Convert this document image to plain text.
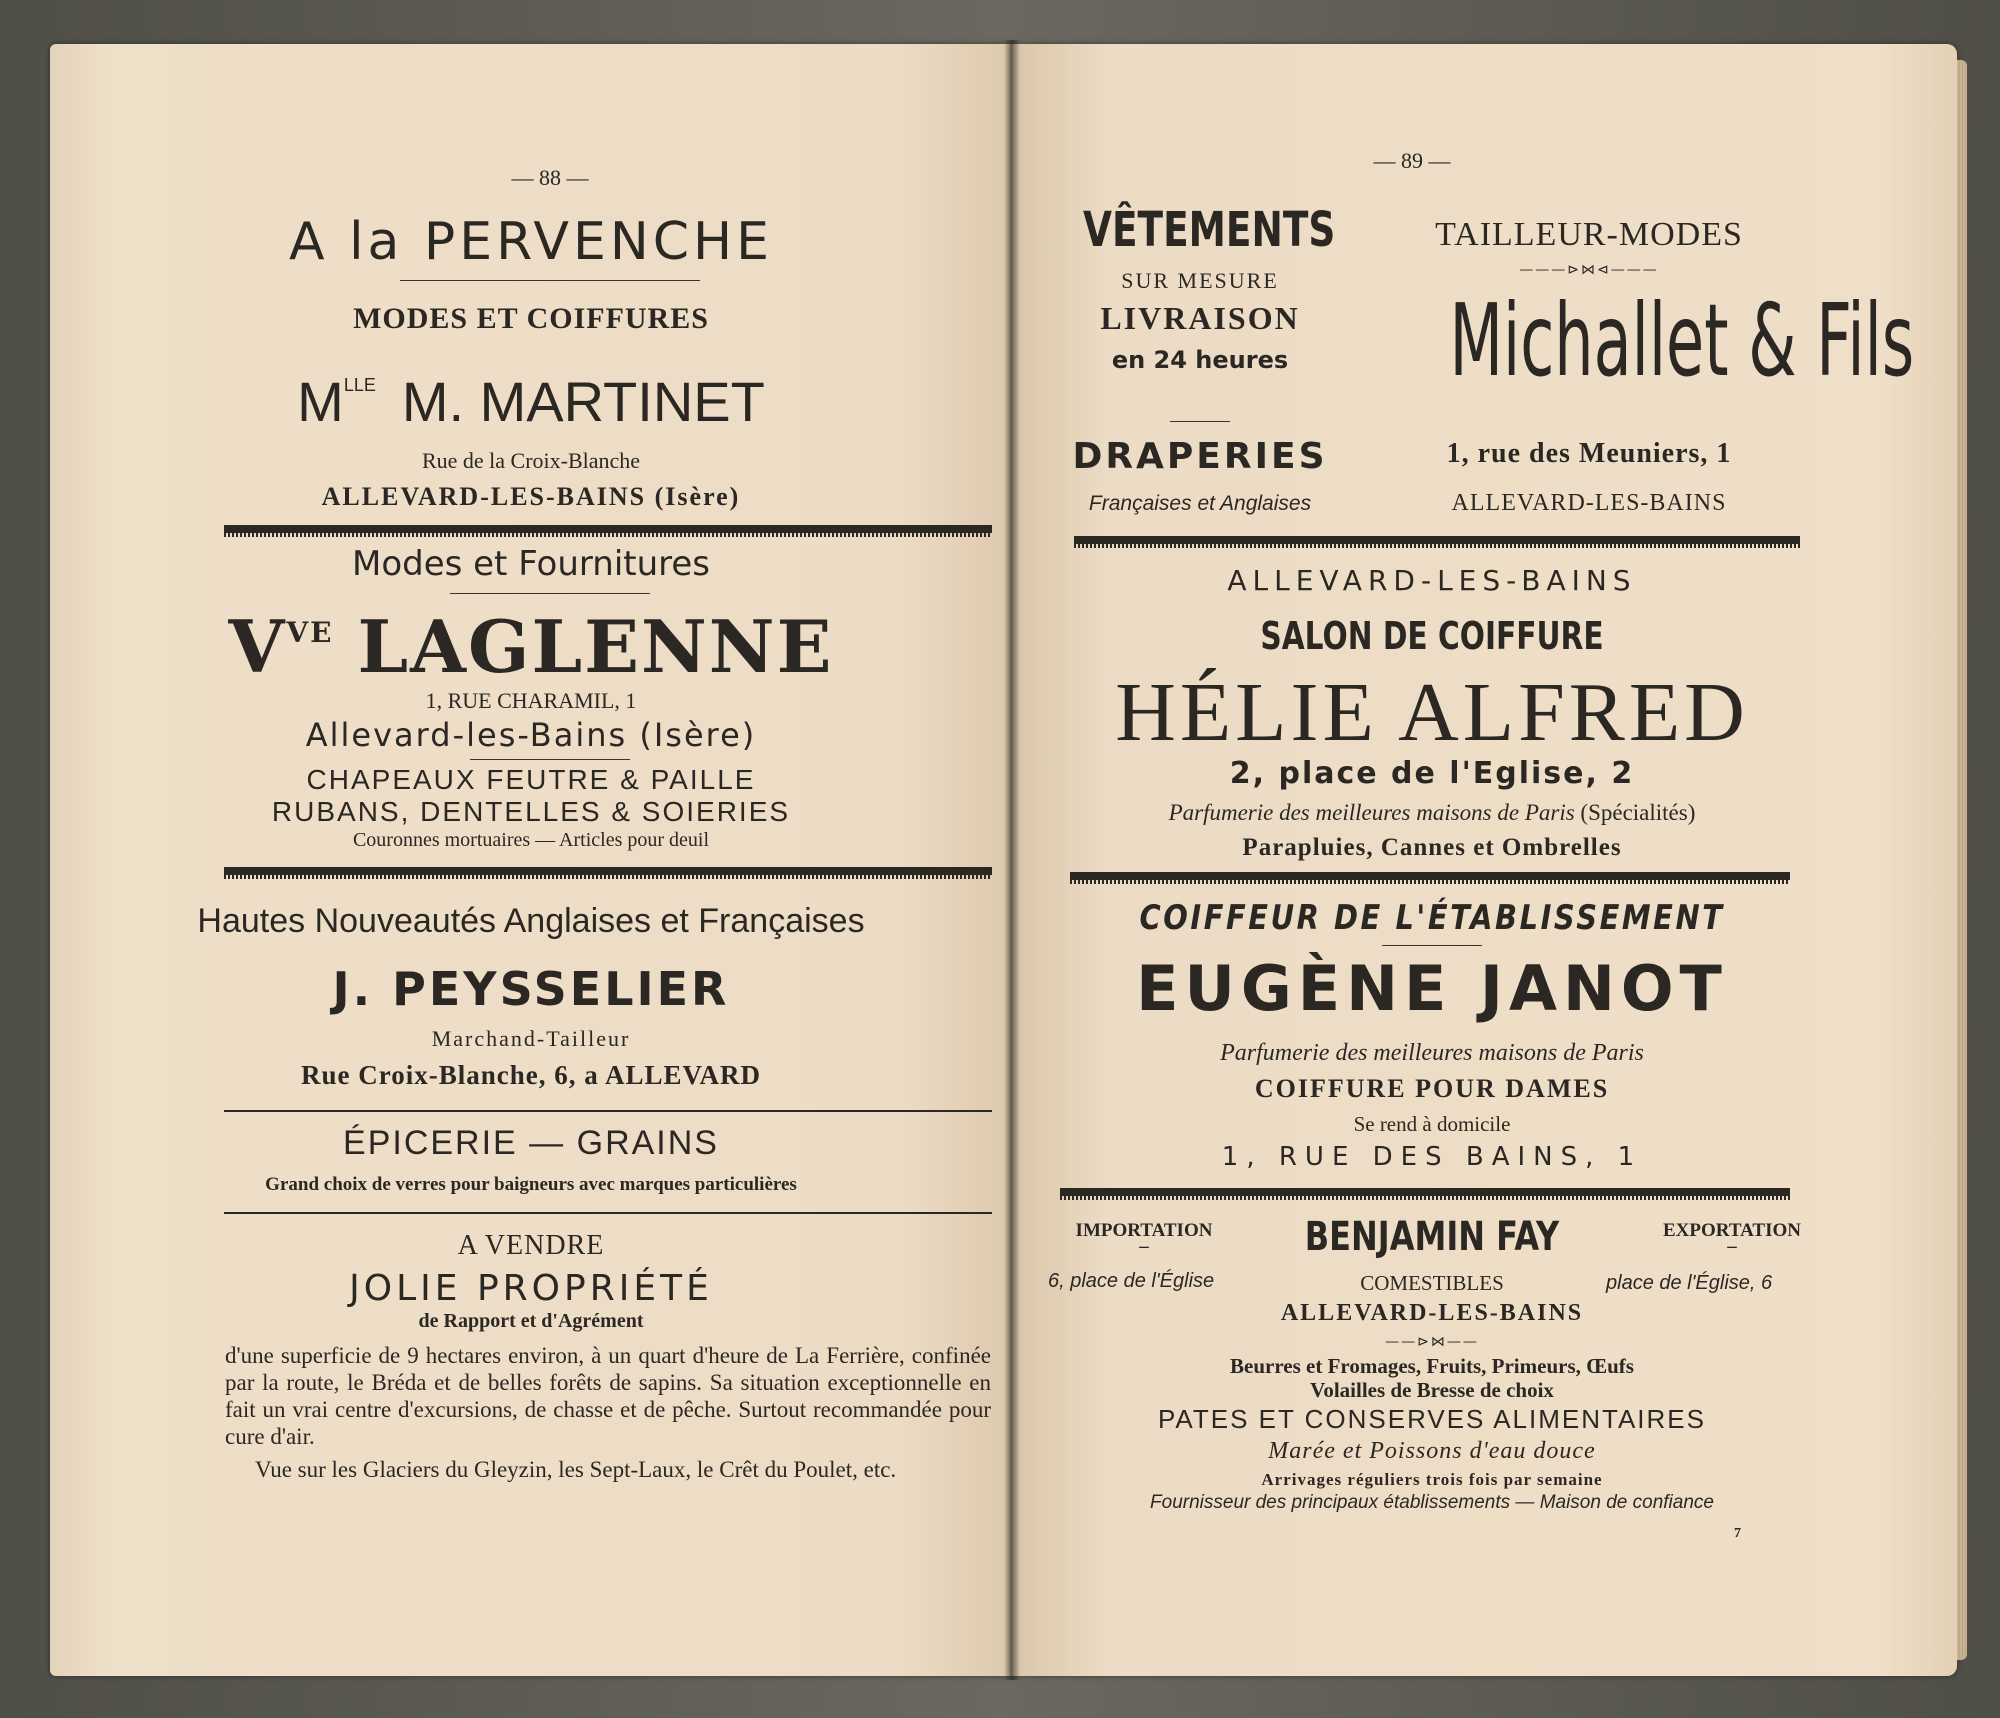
— 88 —
A la PERVENCHE
MODES ET COIFFURES
$M^{LLE}$ M. MARTINET
Rue de la Croix-Blanche
ALLEVARD-LES-BAINS (Isère)
Modes et Fournitures
$V^{VE}$ LAGLENNE
1, RUE CHARAMIL, 1
Allevard-les-Bains (Isère)
CHAPEAUX FEUTRE & PAILLE
RUBANS, DENTELLES & SOIERIES
Couronnes mortuaires — Articles pour deuil
Hautes Nouveautés Anglaises et Françaises
J. PEYSSELIER
Marchand-Tailleur
Rue Croix-Blanche, 6, a ALLEVARD
ÉPICERIE — GRAINS
Grand choix de verres pour baigneurs avec marques particulières
A VENDRE
JOLIE PROPRIÉTÉ
de Rapport et d'Agrément

d'une superficie de 9 hectares environ, à un quart d'heure de La Ferrière, confinée par la route, le Bréda et de belles forêts de sapins. Sa situation exceptionnelle en fait un vrai centre d'excursions, de chasse et de pêche. Surtout recommandée pour cure d'air.

Vue sur les Glaciers du Gleyzin, les Sept-Laux, le Crêt du Poulet, etc.

— 89 —
VÊTEMENTS
SUR MESURE
LIVRAISON
en 24 heures
DRAPERIES
Françaises et Anglaises
TAILLEUR-MODES
———⊳⋈⊲———
Michallet & Fils
1, rue des Meuniers, 1
ALLEVARD-LES-BAINS
ALLEVARD-LES-BAINS
SALON DE COIFFURE
HÉLIE ALFRED
2, place de l'Eglise, 2
Parfumerie des meilleures maisons de Paris (Spécialités)
Parapluies, Cannes et Ombrelles
COIFFEUR DE L'ÉTABLISSEMENT
EUGÈNE JANOT
Parfumerie des meilleures maisons de Paris
COIFFURE POUR DAMES
Se rend à domicile
1, RUE DES BAINS, 1
IMPORTATION
–	BENJAMIN FAY	EXPORTATION
–
6, place de l'Église	COMESTIBLES	place de l'Église, 6
ALLEVARD-LES-BAINS
——⊳⋈——
Beurres et Fromages, Fruits, Primeurs, Œufs
Volailles de Bresse de choix
PATES ET CONSERVES ALIMENTAIRES
Marée et Poissons d'eau douce
Arrivages réguliers trois fois par semaine
Fournisseur des principaux établissements — Maison de confiance
7
